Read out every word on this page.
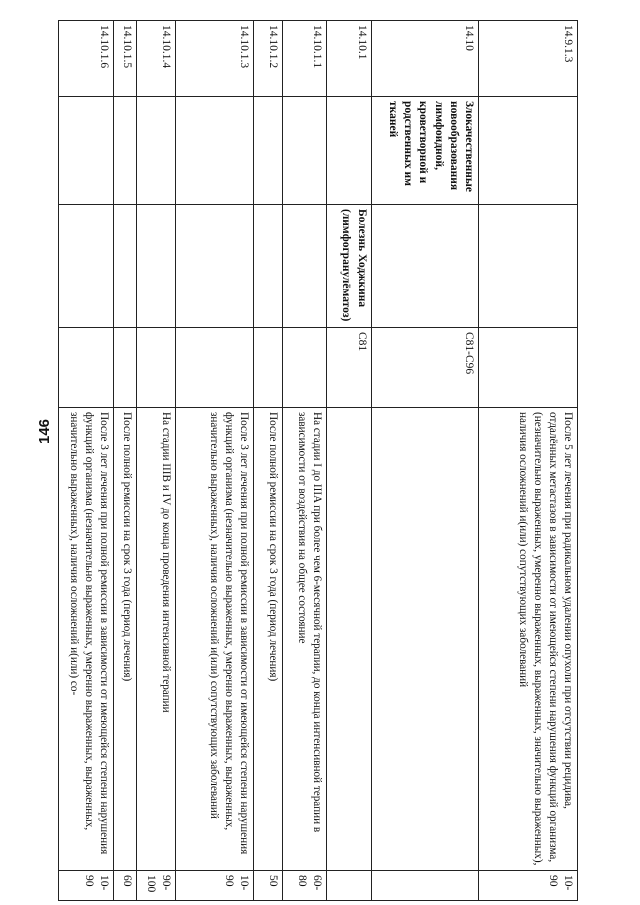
146
14.9.1.3				После 5 лет лечения при радикальном удалении опухоли при отсутствии рецидива, отдалённых метастазов в зависимости от имеющейся степени нарушения функций организма, (незначительно выраженных, умеренно выраженных, выраженных, значительно выраженных), наличия осложнений и(или) сопутствующих заболеваний	10-90
14.10	Злокачественные новообразования лимфоидной, кроветворной и родственных им тканей		C81-C96		
14.10.1		Болезнь Ходжкина (лимфогранулёматоз)	C81		
14.10.1.1				На стадии I до IIIA при более чем 6-месячной терапии, до конца интенсивной терапии в зависимости от воздействия на общее состояние	60-80
14.10.1.2				После полной ремиссии на срок 3 года (период лечения)	50
14.10.1.3				После 3 лет лечения при полной ремиссии в зависимости от имеющейся степени нарушения функций организма (незначительно выраженных, умеренно выраженных, выраженных, значительно выраженных), наличия осложнений и(или) сопутствующих заболеваний	10-90
14.10.1.4				На стадии IIIB и IV до конца проведения интенсивной терапии	90-100
14.10.1.5				После полной ремиссии на срок 3 года (период лечения)	60
14.10.1.6				После 3 лет лечения при полной ремиссии в зависимости от имеющейся степени нарушения функций организма (незначительно выраженных, умеренно выраженных, выраженных, значительно выраженных), наличия осложнений и(или) со-	10-90
